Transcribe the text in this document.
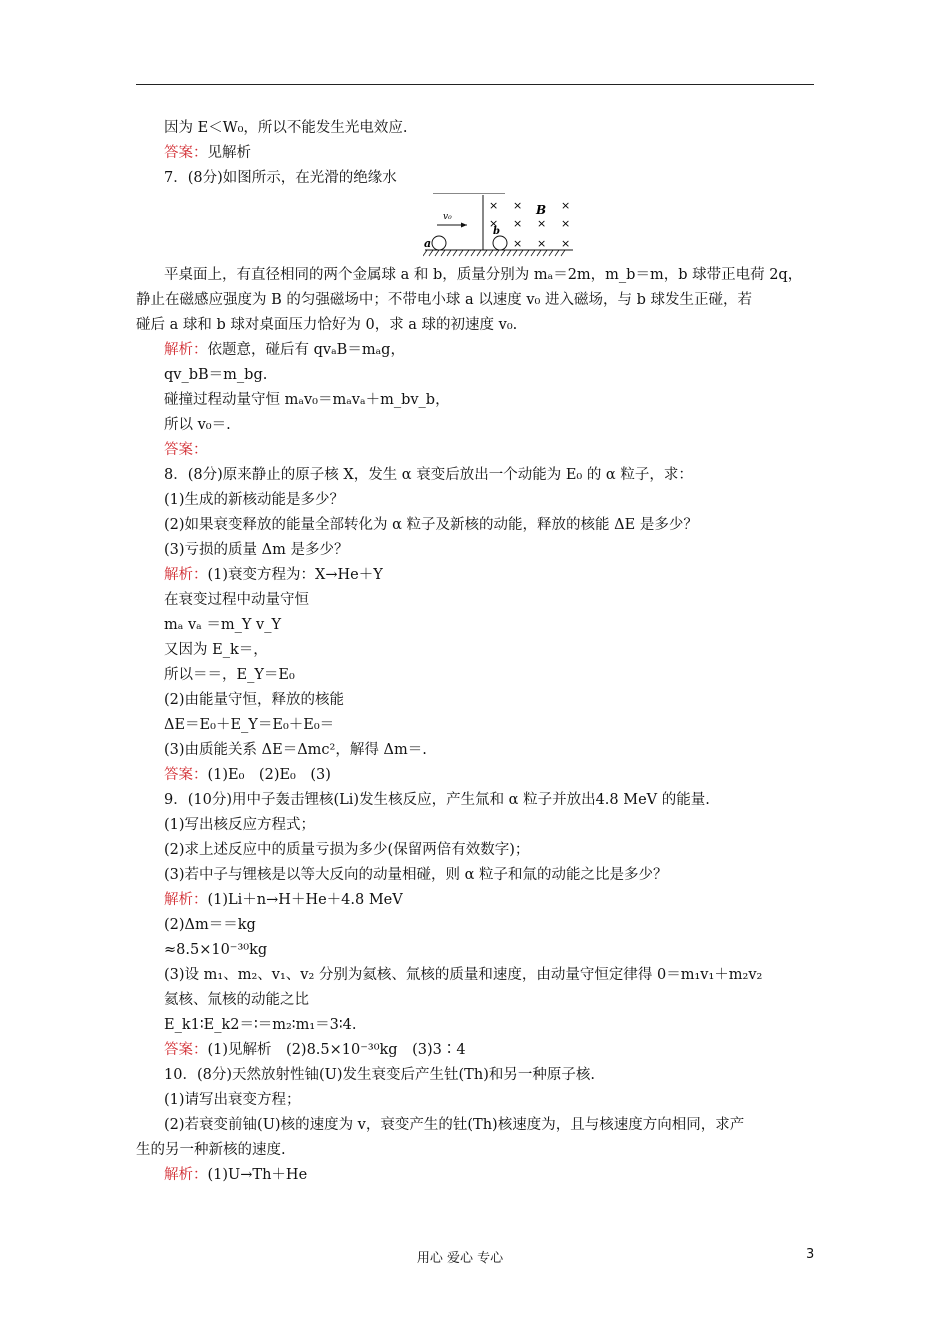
因为 E＜W₀，所以不能发生光电效应.
答案：见解析
7．(8分)如图所示，在光滑的绝缘水
a
b
B
v₀
× ×	×
× × × ×
× × ×
平桌面上，有直径相同的两个金属球 a 和 b，质量分别为 mₐ＝2m，m_b＝m，b 球带正电荷 2q，
静止在磁感应强度为 B 的匀强磁场中；不带电小球 a 以速度 v₀ 进入磁场，与 b 球发生正碰，若
碰后 a 球和 b 球对桌面压力恰好为 0，求 a 球的初速度 v₀.
解析：依题意，碰后有 qvₐB＝mₐg，
qv_bB＝m_bg.
碰撞过程动量守恒 mₐv₀＝mₐvₐ＋m_bv_b，
所以 v₀＝.
答案：
8．(8分)原来静止的原子核 X，发生 α 衰变后放出一个动能为 E₀ 的 α 粒子，求：
(1)生成的新核动能是多少？
(2)如果衰变释放的能量全部转化为 α 粒子及新核的动能，释放的核能 ΔE 是多少？
(3)亏损的质量 Δm 是多少？
解析：(1)衰变方程为：X→He＋Y
在衰变过程中动量守恒
mₐ vₐ ＝m_Y v_Y
又因为 E_k＝，
所以＝＝，E_Y＝E₀
(2)由能量守恒，释放的核能
ΔE＝E₀＋E_Y＝E₀＋E₀＝
(3)由质能关系 ΔE＝Δmc²，解得 Δm＝.
答案：(1)E₀　(2)E₀　(3)
9．(10分)用中子轰击锂核(Li)发生核反应，产生氚和 α 粒子并放出4.8 MeV 的能量.
(1)写出核反应方程式；
(2)求上述反应中的质量亏损为多少(保留两倍有效数字)；
(3)若中子与锂核是以等大反向的动量相碰，则 α 粒子和氚的动能之比是多少？
解析：(1)Li＋n→H＋He＋4.8 MeV
(2)Δm＝＝kg
≈8.5×10⁻³⁰kg
(3)设 m₁、m₂、v₁、v₂ 分别为氦核、氚核的质量和速度，由动量守恒定律得 0＝m₁v₁＋m₂v₂
氦核、氚核的动能之比
E_k1∶E_k2＝∶＝m₂∶m₁＝3∶4.
答案：(1)见解析　(2)8.5×10⁻³⁰kg　(3)3∶4
10．(8分)天然放射性铀(U)发生衰变后产生钍(Th)和另一种原子核.
(1)请写出衰变方程；
(2)若衰变前铀(U)核的速度为 v，衰变产生的钍(Th)核速度为，且与核速度方向相同，求产
生的另一种新核的速度.
解析：(1)U→Th＋He
用心 爱心 专心	3
